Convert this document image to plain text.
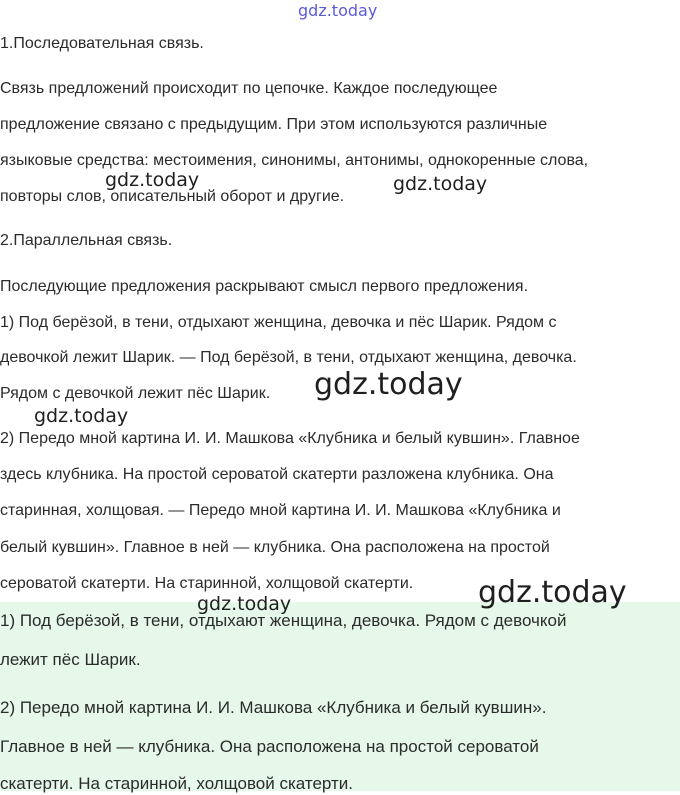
gdz.today
1.Последовательная связь.
Связь предложений происходит по цепочке. Каждое последующее
предложение связано с предыдущим. При этом используются различные
языковые средства: местоимения, синонимы, антонимы, однокоренные слова,
повторы слов, описательный оборот и другие.
2.Параллельная связь.
Последующие предложения раскрывают смысл первого предложения.
1) Под берёзой, в тени, отдыхают женщина, девочка и пёс Шарик. Рядом с
девочкой лежит Шарик. — Под берёзой, в тени, отдыхают женщина, девочка.
Рядом с девочкой лежит пёс Шарик.
2) Передо мной картина И. И. Машкова «Клубника и белый кувшин». Главное
здесь клубника. На простой сероватой скатерти разложена клубника. Она
старинная, холщовая. — Передо мной картина И. И. Машкова «Клубника и
белый кувшин». Главное в ней — клубника. Она расположена на простой
сероватой скатерти. На старинной, холщовой скатерти.
1) Под берёзой, в тени, отдыхают женщина, девочка. Рядом с девочкой
лежит пёс Шарик.
2) Передо мной картина И. И. Машкова «Клубника и белый кувшин».
Главное в ней — клубника. Она расположена на простой сероватой
скатерти. На старинной, холщовой скатерти.
gdz.today	gdz.today
gdz.today
gdz.today
gdz.today
gdz.today
